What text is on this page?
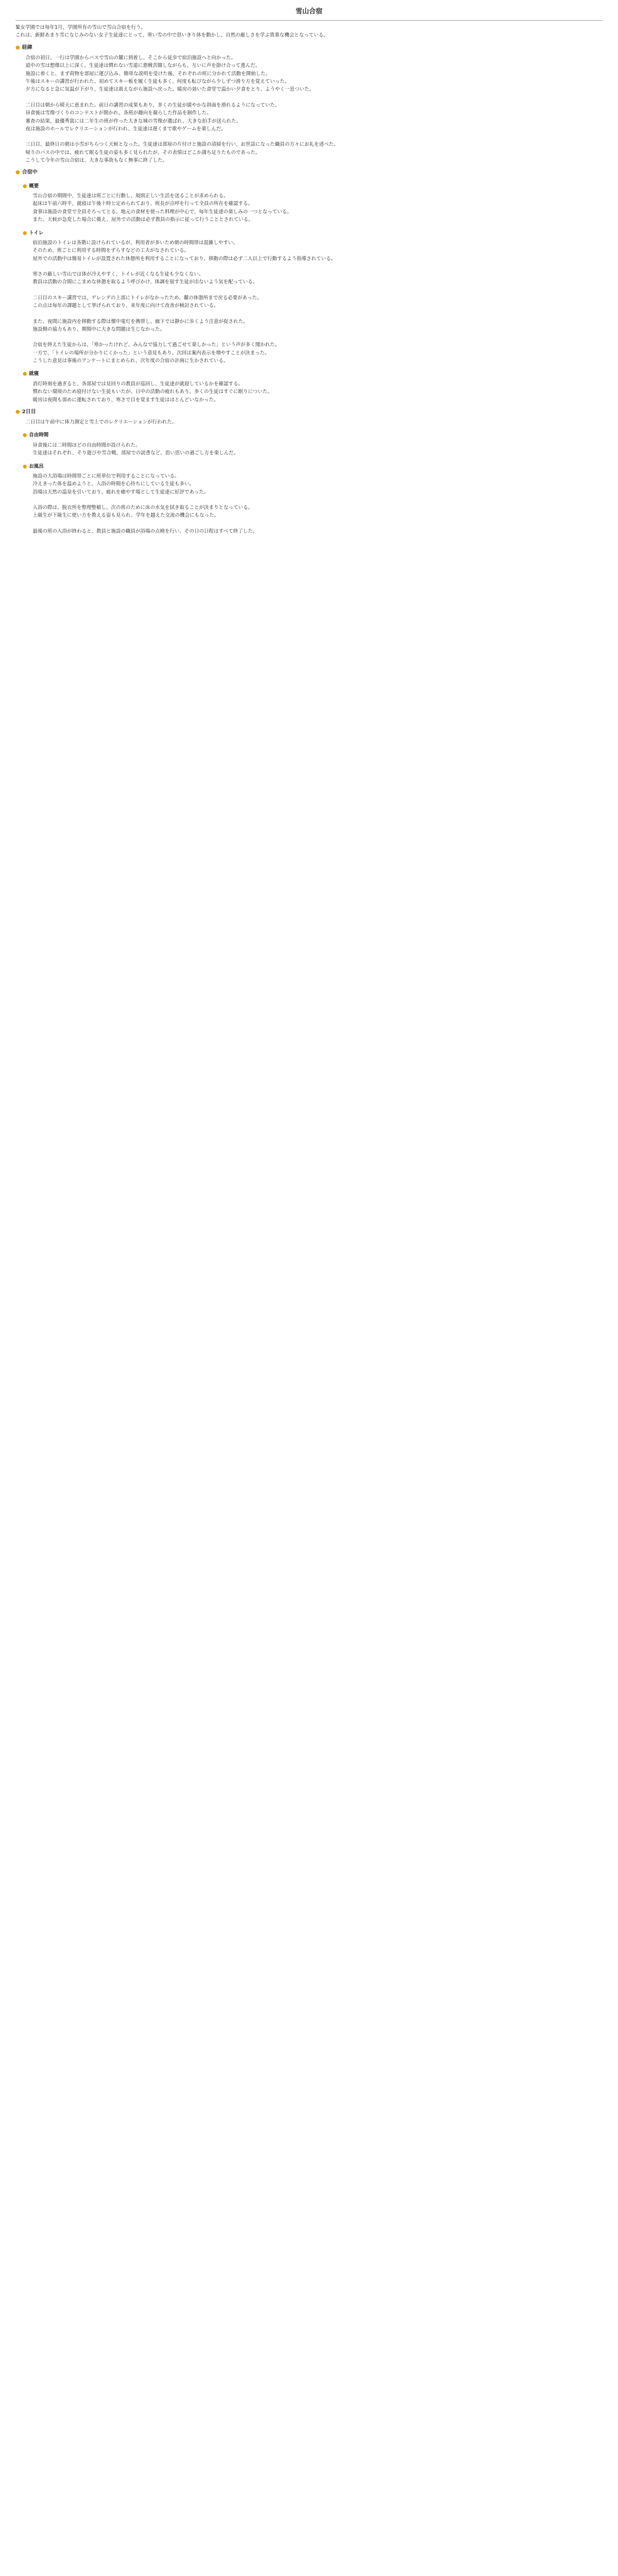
雪山合宿

緊女学園では毎年1月、学園所有の雪山で雪山合宿を行う。

これは、新鮮あまり雪になじみのない女子生徒達にとって、寒い雪の中で思いきり体を動かし、自然の厳しさを学ぶ貴重な機会となっている。

● 経緯

合宿の初日、一行は学園からバスで雪山の麓に到着し、そこから徒歩で宿泊施設へと向かった。

道中の雪は想像以上に深く、生徒達は慣れない雪道に悪戦苦闘しながらも、互いに声を掛け合って進んだ。

施設に着くと、まず荷物を部屋に運び込み、簡単な説明を受けた後、それぞれの班に分かれて活動を開始した。

午後はスキーの講習が行われた。初めてスキー板を履く生徒も多く、何度も転びながら少しずつ滑り方を覚えていった。

夕方になると急に気温が下がり、生徒達は震えながら施設へ戻った。暖房の効いた食堂で温かい夕食をとり、ようやく一息ついた。

二日目は朝から晴天に恵まれた。前日の講習の成果もあり、多くの生徒が緩やかな斜面を滑れるようになっていた。

昼食後は雪像づくりのコンテストが開かれ、各班が趣向を凝らした作品を制作した。

審査の結果、最優秀賞には二年生の班が作った大きな城の雪像が選ばれ、大きな拍手が送られた。

夜は施設のホールでレクリエーションが行われ、生徒達は遅くまで歌やゲームを楽しんだ。

三日目、最終日の朝は小雪がちらつく天候となった。生徒達は部屋の片付けと施設の清掃を行い、お世話になった職員の方々にお礼を述べた。

帰りのバスの中では、疲れて眠る生徒の姿も多く見られたが、その表情はどこか満ち足りたものであった。

こうして今年の雪山合宿は、大きな事故もなく無事に終了した。

● 合宿中
● 概要

雪山合宿の期間中、生徒達は班ごとに行動し、規則正しい生活を送ることが求められる。

起床は午前六時半、就寝は午後十時と定められており、班長が点呼を行って全員の所在を確認する。

食事は施設の食堂で全員そろってとる。地元の食材を使った料理が中心で、毎年生徒達の楽しみの一つとなっている。

また、天候が急変した場合に備え、屋外での活動は必ず教員の指示に従って行うこととされている。

● トイレ

宿泊施設のトイレは各階に設けられているが、利用者が多いため朝の時間帯は混雑しやすい。

そのため、班ごとに利用する時間をずらすなどの工夫がなされている。

屋外での活動中は簡易トイレが設置された休憩所を利用することになっており、移動の際は必ず二人以上で行動するよう指導されている。

寒さの厳しい雪山では体が冷えやすく、トイレが近くなる生徒も少なくない。

教員は活動の合間にこまめな休憩を取るよう呼びかけ、体調を崩す生徒が出ないよう気を配っている。

二日目のスキー講習では、ゲレンデの上部にトイレがなかったため、麓の休憩所まで戻る必要があった。

この点は毎年の課題として挙げられており、来年度に向けて改善が検討されている。

また、夜間に施設内を移動する際は懐中電灯を携帯し、廊下では静かに歩くよう注意が促された。

施設側の協力もあり、期間中に大きな問題は生じなかった。

合宿を終えた生徒からは、「寒かったけれど、みんなで協力して過ごせて楽しかった」という声が多く聞かれた。

一方で、「トイレの場所が分かりにくかった」という意見もあり、次回は案内表示を増やすことが決まった。

こうした意見は事後のアンケートにまとめられ、次年度の合宿の計画に生かされている。

● 就寝

消灯時刻を過ぎると、各部屋では見回りの教員が巡回し、生徒達が就寝しているかを確認する。

慣れない環境のため寝付けない生徒もいたが、日中の活動の疲れもあり、多くの生徒はすぐに眠りについた。

暖房は夜間も弱めに運転されており、寒さで目を覚ます生徒はほとんどいなかった。

● 2日目

二日目は午前中に体力測定と雪上でのレクリエーションが行われた。

● 自由時間

昼食後には二時間ほどの自由時間が設けられた。

生徒達はそれぞれ、そり遊びや雪合戦、部屋での読書など、思い思いの過ごし方を楽しんだ。

● お風呂

施設の大浴場は時間帯ごとに班単位で利用することになっている。

冷えきった体を温めようと、入浴の時間を心待ちにしている生徒も多い。

浴場は天然の温泉を引いており、疲れを癒やす場として生徒達に好評であった。

入浴の際は、脱衣所を整理整頓し、次の班のために床の水気を拭き取ることが決まりとなっている。

上級生が下級生に使い方を教える姿も見られ、学年を越えた交流の機会にもなった。

最後の班の入浴が終わると、教員と施設の職員が浴場の点検を行い、その日の日程はすべて終了した。
